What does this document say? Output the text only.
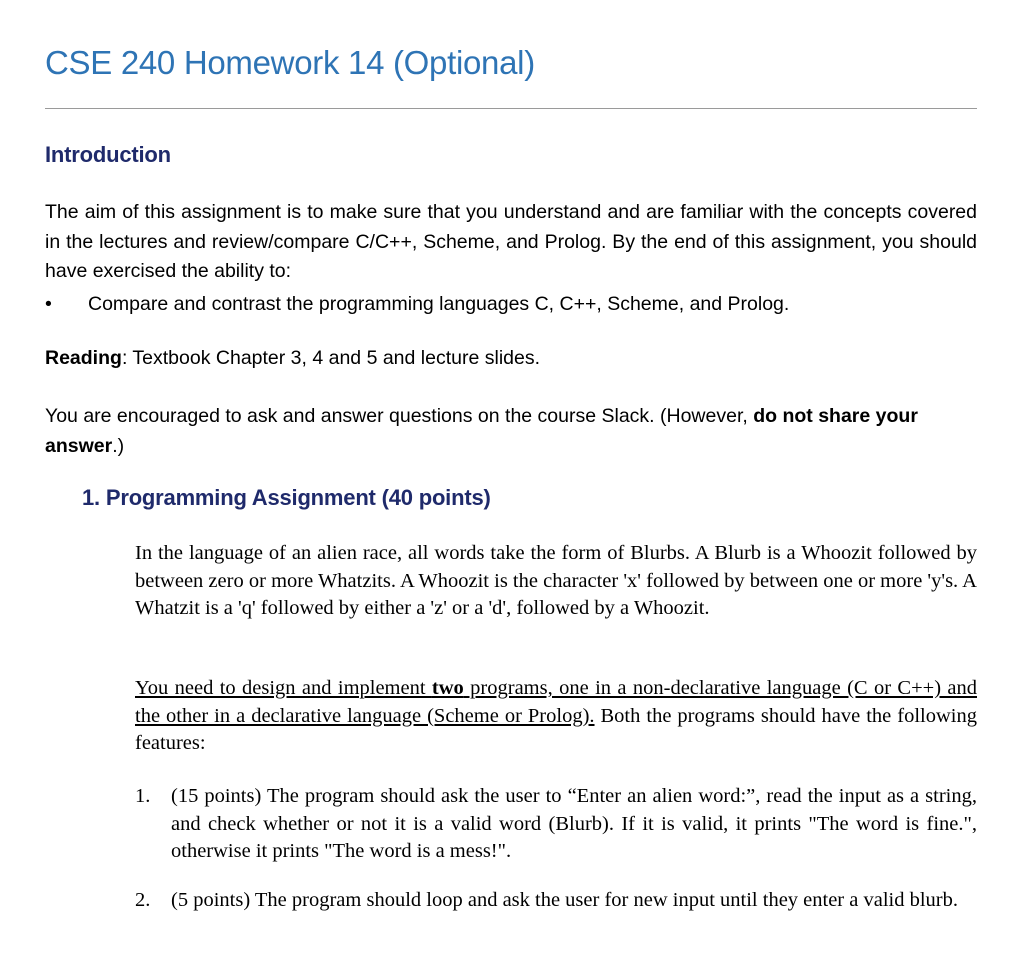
CSE 240 Homework 14 (Optional)
Introduction

The aim of this assignment is to make sure that you understand and are familiar with the concepts covered in the lectures and review/compare C/C++, Scheme, and Prolog. By the end of this assignment, you should have exercised the ability to:

•	Compare and contrast the programming languages C, C++, Scheme, and Prolog.

Reading: Textbook Chapter 3, 4 and 5 and lecture slides.

You are encouraged to ask and answer questions on the course Slack. (However, do not share your answer.)

1. Programming Assignment (40 points)

In the language of an alien race, all words take the form of Blurbs. A Blurb is a Whoozit followed by between zero or more Whatzits. A Whoozit is the character 'x' followed by between one or more 'y's. A Whatzit is a 'q' followed by either a 'z' or a 'd', followed by a Whoozit.

You need to design and implement two programs, one in a non-declarative language (C or C++) and the other in a declarative language (Scheme or Prolog). Both the programs should have the following features:

1. (15 points) The program should ask the user to “Enter an alien word:”, read the input as a string, and check whether or not it is a valid word (Blurb). If it is valid, it prints "The word is fine.", otherwise it prints "The word is a mess!".
2. (5 points) The program should loop and ask the user for new input until they enter a valid blurb.
